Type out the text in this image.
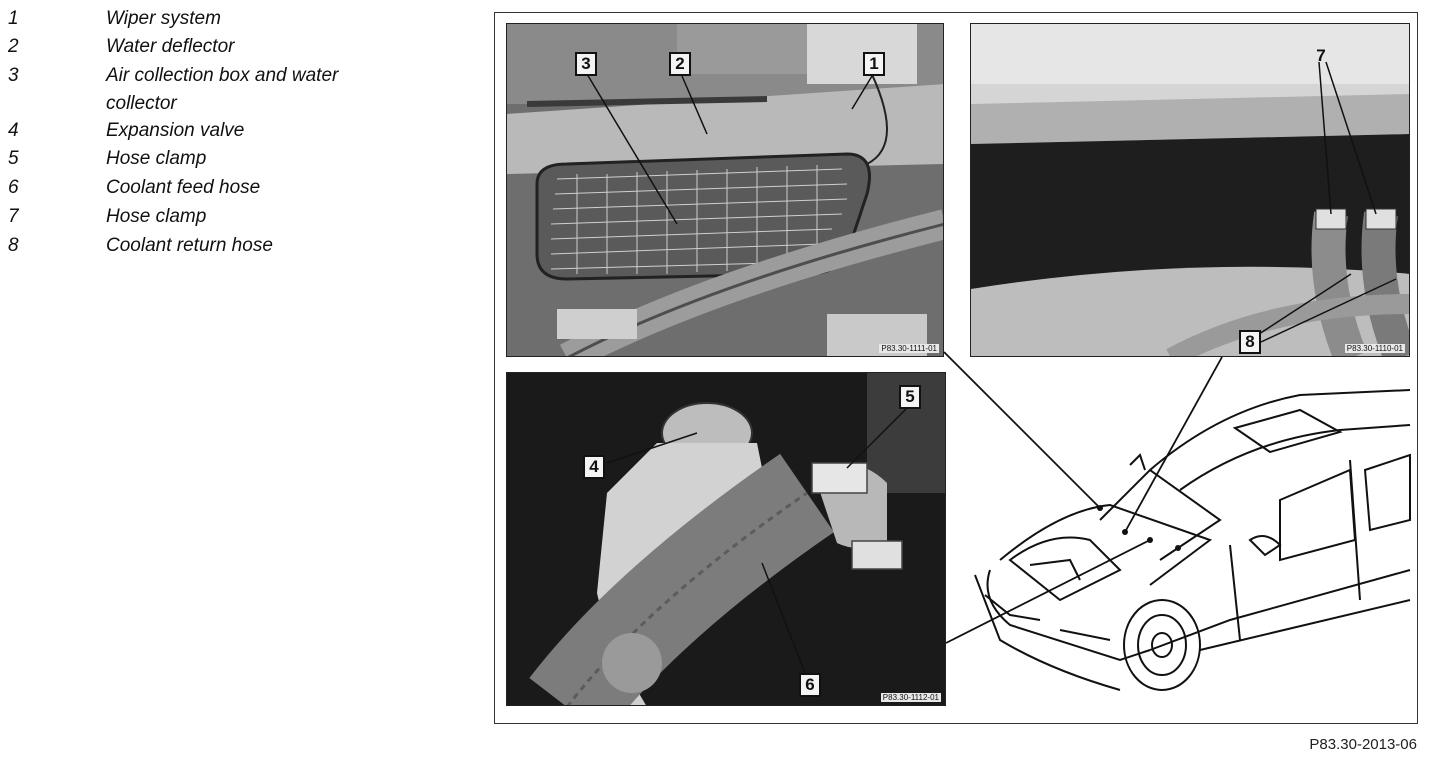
1	Wiper system
2	Water deflector
3	Air collection box and water collector
4	Expansion valve
5	Hose clamp
6	Coolant feed hose
7	Hose clamp
8	Coolant return hose
3	2	1
P83.30-1111-01
7
8	P83.30-1110-01
5
4
6
P83.30-1112-01
P83.30-2013-06
